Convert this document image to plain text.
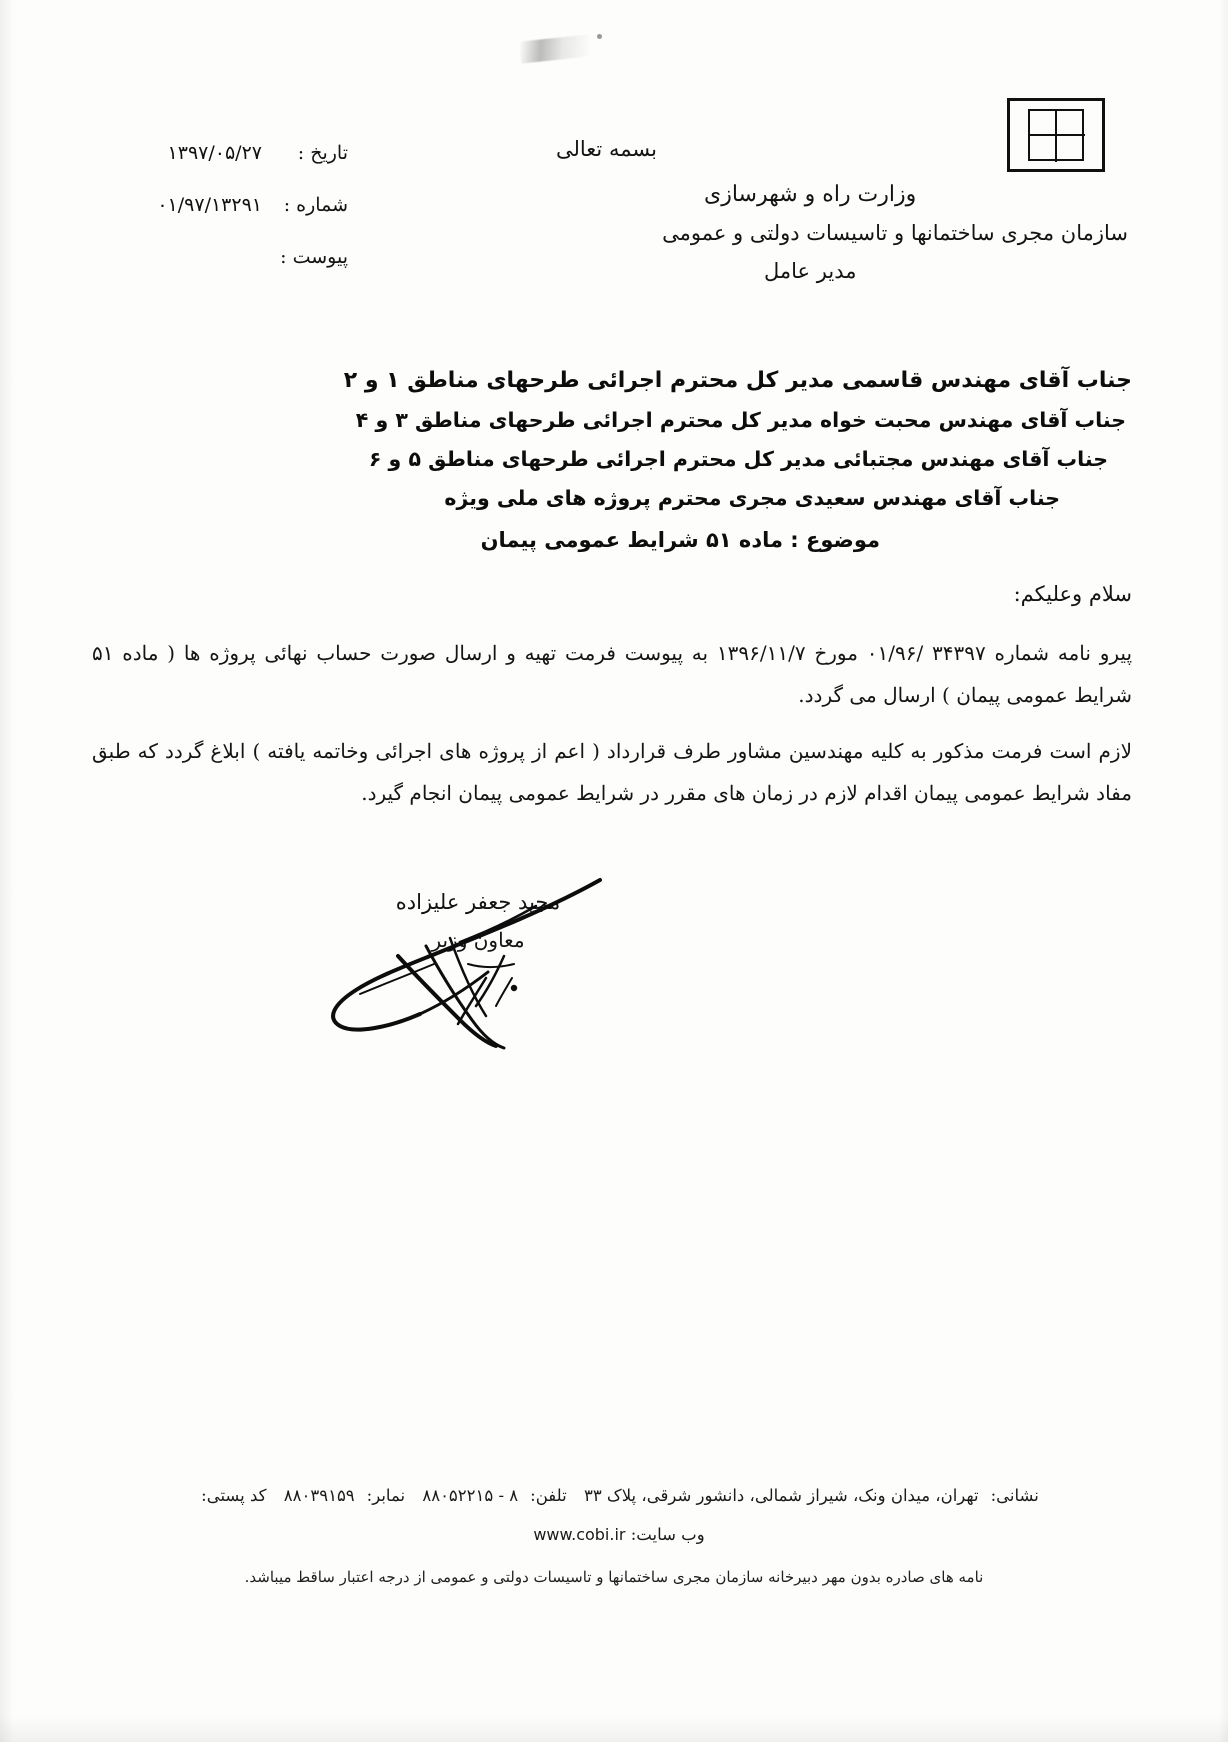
بسمه تعالی
وزارت راه و شهرسازی
سازمان مجری ساختمانها و تاسیسات دولتی و عمومی
مدیر عامل
تاریخ :
۱۳۹۷/۰۵/۲۷
شماره :
۰۱/۹۷/۱۳۲۹۱
پیوست :
جناب آقای مهندس قاسمی مدیر کل محترم اجرائی طرحهای مناطق ۱ و ۲
جناب آقای مهندس محبت خواه مدیر کل محترم اجرائی طرحهای مناطق ۳ و ۴
جناب آقای مهندس مجتبائی مدیر کل محترم اجرائی طرحهای مناطق ۵ و ۶
جناب آقای مهندس سعیدی مجری محترم پروژه های ملی ویژه
موضوع : ماده ۵۱ شرایط عمومی پیمان
سلام وعلیکم:

پیرو نامه شماره ۳۴۳۹۷ /۰۱/۹۶ مورخ ۱۳۹۶/۱۱/۷ به پیوست فرمت تهیه و ارسال صورت حساب نهائی پروژه ها ( ماده ۵۱ شرایط عمومی پیمان ) ارسال می گردد.

لازم است فرمت مذکور به کلیه مهندسین مشاور طرف قرارداد ( اعم از پروژه های اجرائی وخاتمه یافته ) ابلاغ گردد که طبق مفاد شرایط عمومی پیمان اقدام لازم در زمان های مقرر در شرایط عمومی پیمان انجام گیرد.

مجید جعفر علیزاده
معاون وزیر
نشانی:تهران، میدان ونک، شیراز شمالی، دانشور شرقی، پلاک ۳۳ تلفن:۸۸۰۵۲۲۱۵ - ۸ نمابر:۸۸۰۳۹۱۵۹ کد پستی:
وب سایت: www.cobi.ir
نامه های صادره بدون مهر دبیرخانه سازمان مجری ساختمانها و تاسیسات دولتی و عمومی از درجه اعتبار ساقط میباشد.
